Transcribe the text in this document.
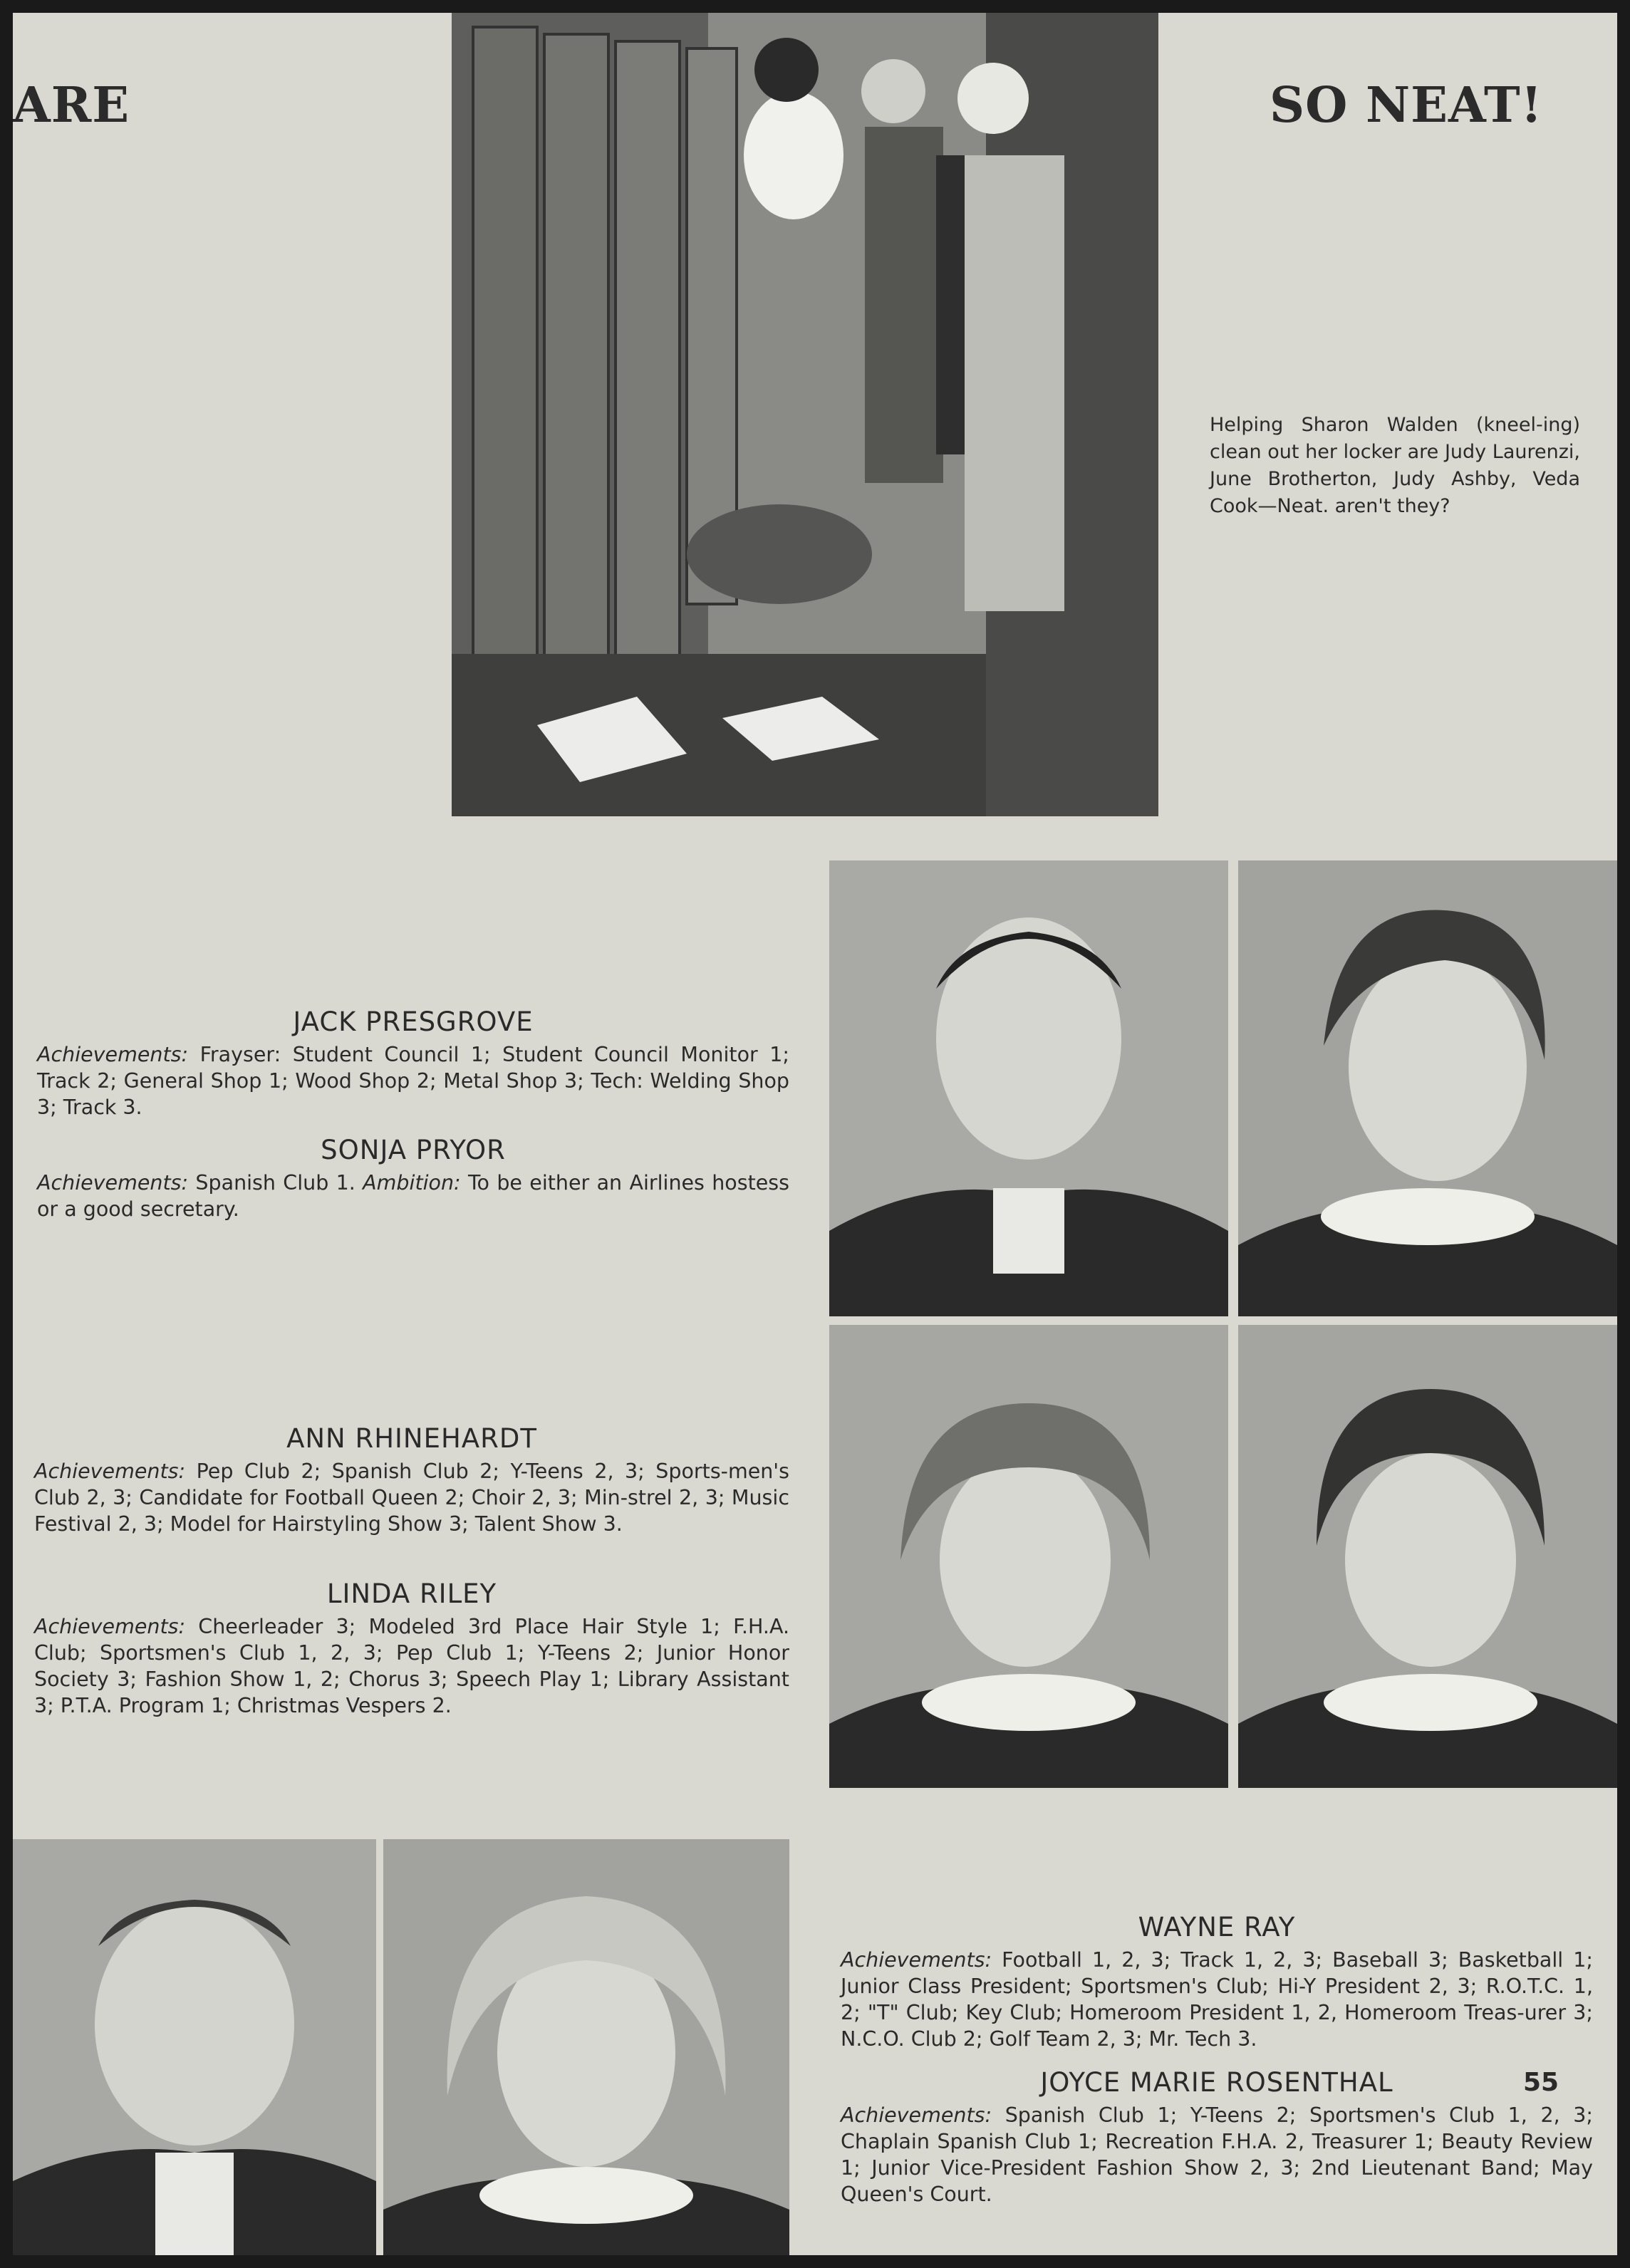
ARE	SO NEAT!
Helping Sharon Walden (kneel-ing) clean out her locker are Judy Laurenzi, June Brotherton, Judy Ashby, Veda Cook—Neat. aren't they?
JACK PRESGROVE
Achievements: Frayser: Student Council 1; Student Council Monitor 1; Track 2; General Shop 1; Wood Shop 2; Metal Shop 3; Tech: Welding Shop 3; Track 3.
SONJA PRYOR
Achievements: Spanish Club 1. Ambition: To be either an Airlines hostess or a good secretary.
ANN RHINEHARDT
Achievements: Pep Club 2; Spanish Club 2; Y-Teens 2, 3; Sports-men's Club 2, 3; Candidate for Football Queen 2; Choir 2, 3; Min-strel 2, 3; Music Festival 2, 3; Model for Hairstyling Show 3; Talent Show 3.
LINDA RILEY
Achievements: Cheerleader 3; Modeled 3rd Place Hair Style 1; F.H.A. Club; Sportsmen's Club 1, 2, 3; Pep Club 1; Y-Teens 2; Junior Honor Society 3; Fashion Show 1, 2; Chorus 3; Speech Play 1; Library Assistant 3; P.T.A. Program 1; Christmas Vespers 2.
WAYNE RAY
Achievements: Football 1, 2, 3; Track 1, 2, 3; Baseball 3; Basketball 1; Junior Class President; Sportsmen's Club; Hi-Y President 2, 3; R.O.T.C. 1, 2; "T" Club; Key Club; Homeroom President 1, 2, Homeroom Treas-urer 3; N.C.O. Club 2; Golf Team 2, 3; Mr. Tech 3.
JOYCE MARIE ROSENTHAL
Achievements: Spanish Club 1; Y-Teens 2; Sportsmen's Club 1, 2, 3; Chaplain Spanish Club 1; Recreation F.H.A. 2, Treasurer 1; Beauty Review 1; Junior Vice-President Fashion Show 2, 3; 2nd Lieutenant Band; May Queen's Court.
55
